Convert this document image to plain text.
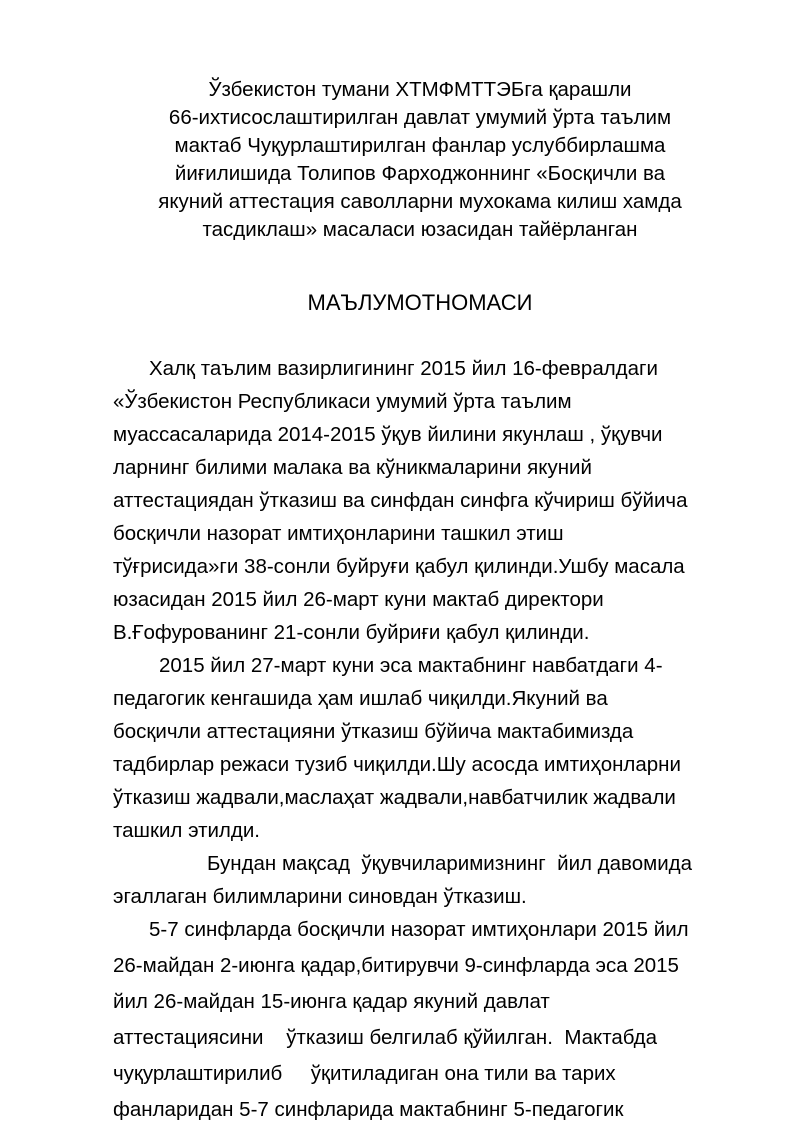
Ўзбекистон тумани ХТМФМТТЭБга қарашли
66-ихтисослаштирилган давлат умумий ўрта таълим
мактаб Чуқурлаштирилган фанлар услуббирлашма
йиғилишида Толипов Фарходжоннинг «Босқичли ва
якуний аттестация саволларни мухокама килиш хамда
тасдиклаш» масаласи юзасидан тайёрланган
МАЪЛУМОТНОМАСИ
Халқ таълим вазирлигининг 2015 йил 16-февралдаги
«Ўзбекистон Республикаси умумий ўрта таълим
муассасаларида 2014-2015 ўқув йилини якунлаш , ўқувчи
ларнинг билими малака ва кўникмаларини якуний
аттестациядан ўтказиш ва синфдан синфга кўчириш бўйича
босқичли назорат имтиҳонларини ташкил этиш
тўғрисида»ги 38-сонли буйруғи қабул қилинди.Ушбу масала
юзасидан 2015 йил 26-март куни мактаб директори
В.Ғофурованинг 21-сонли буйриғи қабул қилинди.
2015 йил 27-март куни эса мактабнинг навбатдаги 4-
педагогик кенгашида ҳам ишлаб чиқилди.Якуний ва
босқичли аттестацияни ўтказиш бўйича мактабимизда
тадбирлар режаси тузиб чиқилди.Шу асосда имтиҳонларни
ўтказиш жадвали,маслаҳат жадвали,навбатчилик жадвали
ташкил этилди.
Бундан мақсад  ўқувчиларимизнинг  йил давомида
эгаллаган билимларини синовдан ўтказиш.
5-7 синфларда босқичли назорат имтиҳонлари 2015 йил
26-майдан 2-июнга қадар,битирувчи 9-синфларда эса 2015
йил 26-майдан 15-июнга қадар якуний давлат
аттестациясини    ўтказиш белгилаб қўйилган.  Мактабда
чуқурлаштирилиб     ўқитиладиган она тили ва тарих
фанларидан 5-7 синфларида мактабнинг 5-педагогик
